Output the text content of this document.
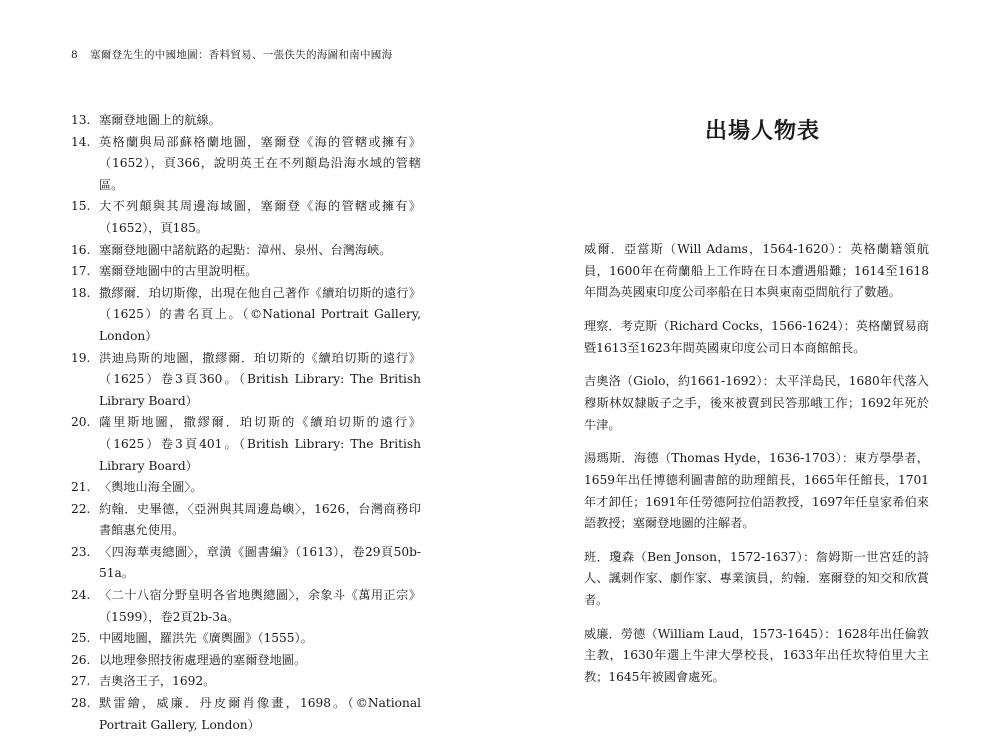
8 塞爾登先生的中國地圖：香料貿易、一張佚失的海圖和南中國海
13. 塞爾登地圖上的航線。
14. 英格蘭與局部蘇格蘭地圖，塞爾登《海的管轄或擁有》（1652），頁366，說明英王在不列顛島沿海水域的管轄區。
15. 大不列顛與其周邊海域圖，塞爾登《海的管轄或擁有》（1652），頁185。
16. 塞爾登地圖中諸航路的起點：漳州、泉州、台灣海峽。
17. 塞爾登地圖中的古里說明框。
18. 撒繆爾．珀切斯像，出現在他自己著作《續珀切斯的遠行》（1625）的書名頁上。（©National Portrait Gallery, London）
19. 洪迪烏斯的地圖，撒繆爾．珀切斯的《續珀切斯的遠行》（1625）卷3頁360。（British Library: The British Library Board）
20. 薩里斯地圖，撒繆爾．珀切斯的《續珀切斯的遠行》（1625）卷3頁401。（British Library: The British Library Board）
21. 〈輿地山海全圖〉。
22. 約翰．史畢德，〈亞洲與其周邊島嶼〉，1626，台灣商務印書館惠允使用。
23. 〈四海華夷總圖〉，章潢《圖書編》（1613），卷29頁50b-51a。
24. 〈二十八宿分野皇明各省地輿總圖〉，余象斗《萬用正宗》（1599），卷2頁2b-3a。
25. 中國地圖，羅洪先《廣輿圖》（1555）。
26. 以地理參照技術處理過的塞爾登地圖。
27. 吉奧洛王子，1692。
28. 默雷繪，威廉．丹皮爾肖像畫，1698。（©National Portrait Gallery, London）
出場人物表

威爾．亞當斯（Will Adams，1564-1620）：英格蘭籍領航員，1600年在荷蘭船上工作時在日本遭遇船難；1614至1618年間為英國東印度公司率船在日本與東南亞間航行了數趟。

理察．考克斯（Richard Cocks，1566-1624）：英格蘭貿易商暨1613至1623年間英國東印度公司日本商館館長。

吉奧洛（Giolo，約1661-1692）：太平洋島民，1680年代落入穆斯林奴隸販子之手，後來被賣到民答那峨工作；1692年死於牛津。

湯瑪斯．海德（Thomas Hyde，1636-1703）：東方學學者，1659年出任博德利圖書館的助理館長，1665年任館長，1701年才卸任；1691年任勞德阿拉伯語教授，1697年任皇家希伯來語教授；塞爾登地圖的注解者。

班．瓊森（Ben Jonson，1572-1637）：詹姆斯一世宮廷的詩人、諷刺作家、劇作家、專業演員，約翰．塞爾登的知交和欣賞者。

威廉．勞德（William Laud，1573-1645）：1628年出任倫敦主教，1630年選上牛津大學校長，1633年出任坎特伯里大主教；1645年被國會處死。
